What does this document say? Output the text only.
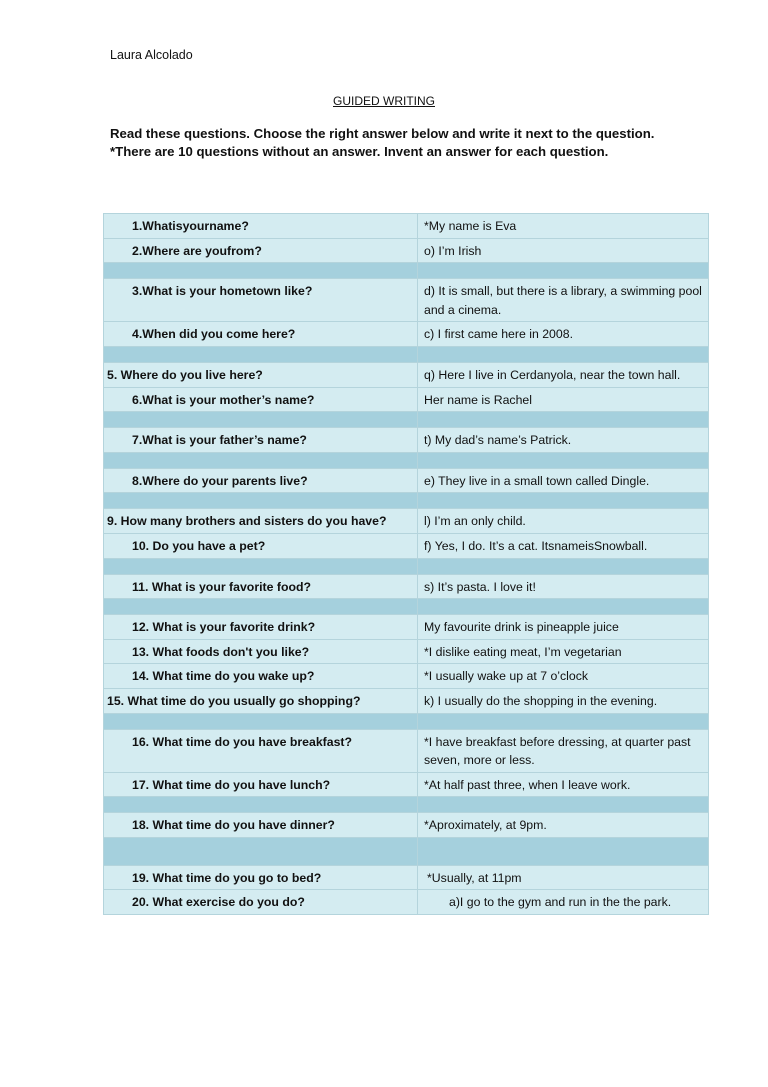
Laura Alcolado
GUIDED WRITING

Read these questions. Choose the right answer below and write it next to the question.

*There are 10 questions without an answer. Invent an answer for each question.

1.Whatisyourname?	*My name is Eva
2.Where are youfrom?	o) I’m Irish

3.What is your hometown like?	d) It is small, but there is a library, a swimming pool and a cinema.
4.When did you come here?	c) I first came here in 2008.

5. Where do you live here?	q) Here I live in Cerdanyola, near the town hall.
6.What is your mother’s name?	Her name is Rachel

7.What is your father’s name?	t) My dad’s name’s Patrick.

8.Where do your parents live?	e) They live in a small town called Dingle.

9. How many brothers and sisters do you have?	l) I’m an only child.
10. Do you have a pet?	f) Yes, I do. It’s a cat. ItsnameisSnowball.

11. What is your favorite food?	s) It’s pasta. I love it!

12. What is your favorite drink?	My favourite drink is pineapple juice
13. What foods don't you like?	*I dislike eating meat, I’m vegetarian
14. What time do you wake up?	*I usually wake up at 7 o’clock
15. What time do you usually go shopping?	k) I usually do the shopping in the evening.

16. What time do you have breakfast?	*I have breakfast before dressing, at quarter past seven, more or less.
17. What time do you have lunch?	*At half past three, when I leave work.

18. What time do you have dinner?	*Aproximately, at 9pm.

19. What time do you go to bed?	*Usually, at 11pm
20. What exercise do you do?	a)I go to the gym and run in the the park.
